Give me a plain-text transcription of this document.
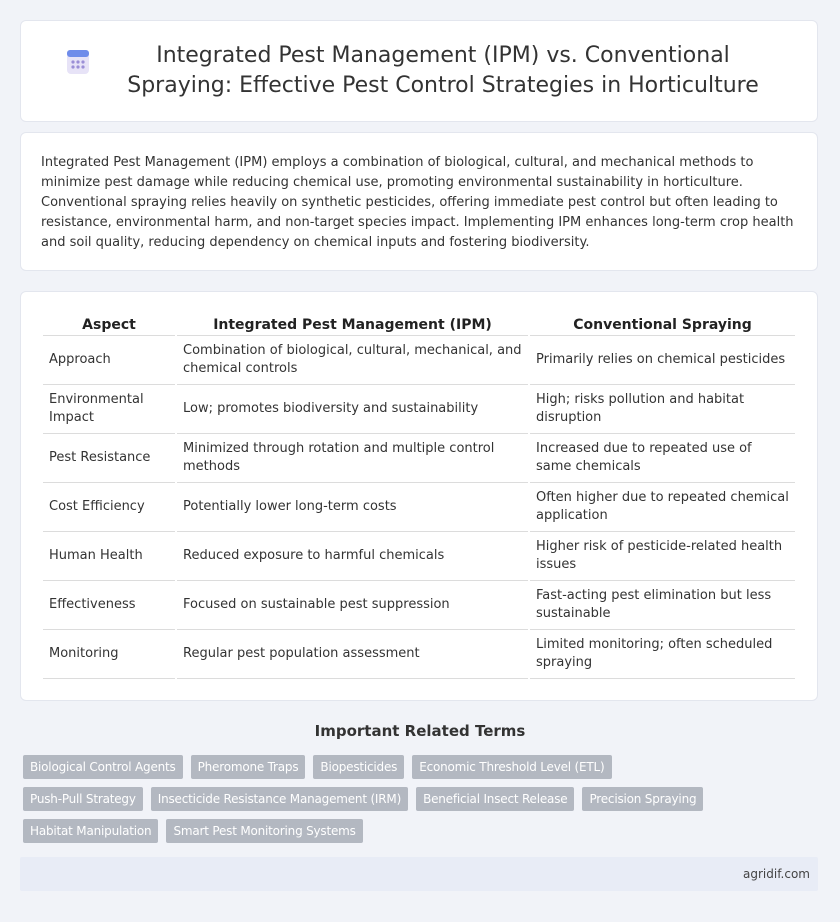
Integrated Pest Management (IPM) vs. Conventional Spraying: Effective Pest Control Strategies in Horticulture

Integrated Pest Management (IPM) employs a combination of biological, cultural, and mechanical methods to minimize pest damage while reducing chemical use, promoting environmental sustainability in horticulture. Conventional spraying relies heavily on synthetic pesticides, offering immediate pest control but often leading to resistance, environmental harm, and non-target species impact. Implementing IPM enhances long-term crop health and soil quality, reducing dependency on chemical inputs and fostering biodiversity.

Aspect	Integrated Pest Management (IPM)	Conventional Spraying
Approach	Combination of biological, cultural, mechanical, and chemical controls	Primarily relies on chemical pesticides
Environmental Impact	Low; promotes biodiversity and sustainability	High; risks pollution and habitat disruption
Pest Resistance	Minimized through rotation and multiple control methods	Increased due to repeated use of same chemicals
Cost Efficiency	Potentially lower long-term costs	Often higher due to repeated chemical application
Human Health	Reduced exposure to harmful chemicals	Higher risk of pesticide-related health issues
Effectiveness	Focused on sustainable pest suppression	Fast-acting pest elimination but less sustainable
Monitoring	Regular pest population assessment	Limited monitoring; often scheduled spraying
Important Related Terms
Biological Control Agents	Pheromone Traps	Biopesticides	Economic Threshold Level (ETL)
Push-Pull Strategy	Insecticide Resistance Management (IRM)	Beneficial Insect Release	Precision Spraying
Habitat Manipulation	Smart Pest Monitoring Systems
agridif.com
